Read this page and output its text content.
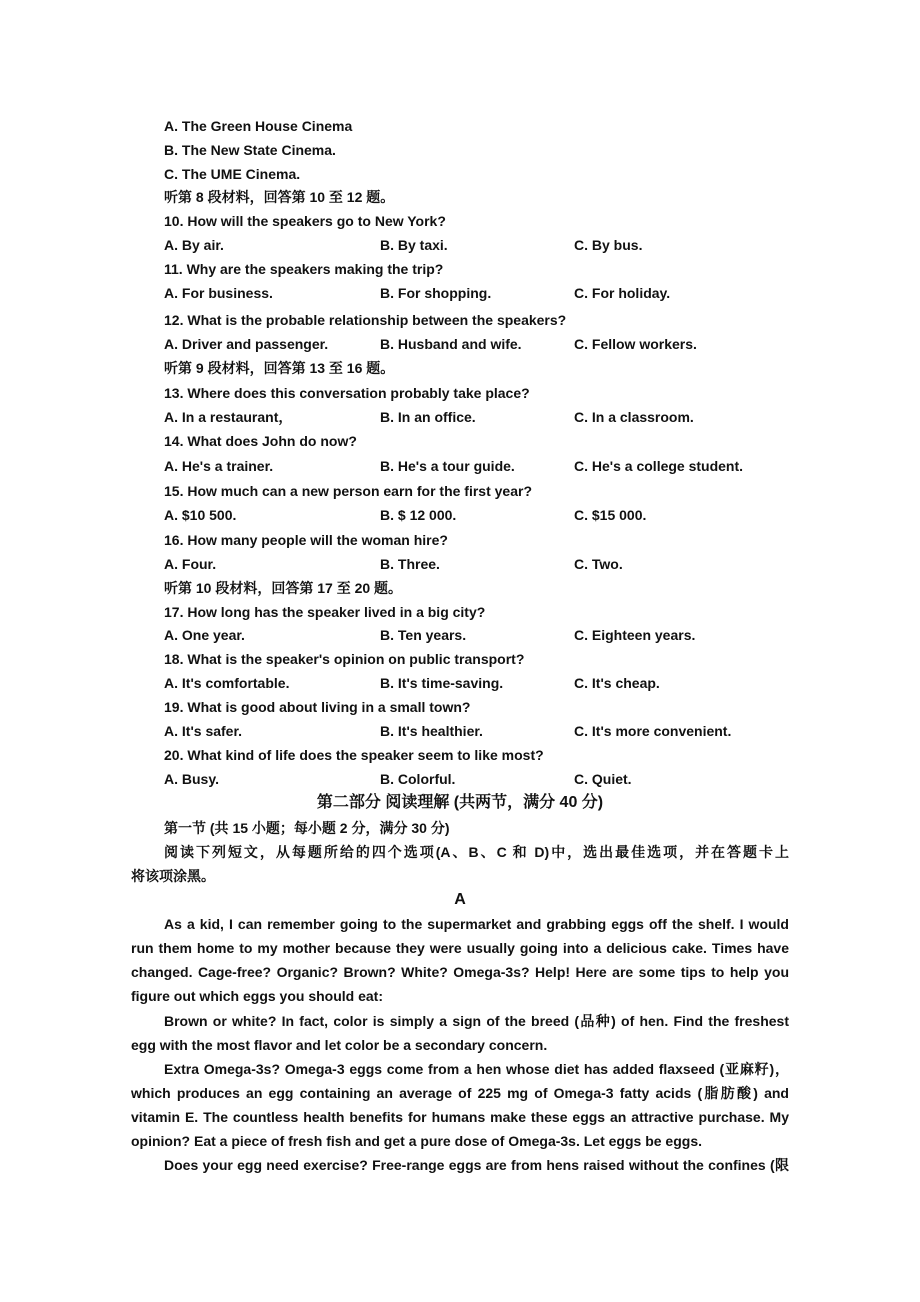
A. The Green House Cinema
B. The New State Cinema.
C. The UME Cinema.
听第 8 段材料，回答第 10 至 12 题。
10. How will the speakers go to New York?
A. By air.	B. By taxi.	C. By bus.
11. Why are the speakers making the trip?
A. For business.	B. For shopping.	C. For holiday.
12. What is the probable relationship between the speakers?
A. Driver and passenger.	B. Husband and wife.	C. Fellow workers.
听第 9 段材料，回答第 13 至 16 题。
13. Where does this conversation probably take place?
A. In a restaurant，	B. In an office.	C. In a classroom.
14. What does John do now?
A. He's a trainer.	B. He's a tour guide.	C. He's a college student.
15. How much can a new person earn for the first year?
A. $10 500.	B. $ 12 000.	C. $15 000.
16. How many people will the woman hire?
A. Four.	B. Three.	C. Two.
听第 10 段材料，回答第 17 至 20 题。
17. How long has the speaker lived in a big city?
A. One year.	B. Ten years.	C. Eighteen years.
18. What is the speaker's opinion on public transport?
A. It's comfortable.	B. It's time-saving.	C. It's cheap.
19. What is good about living in a small town?
A. It's safer.	B. It's healthier.	C. It's more convenient.
20. What kind of life does the speaker seem to like most?
A. Busy.	B. Colorful.	C. Quiet.
第二部分 阅读理解 (共两节，满分 40 分)
第一节 (共 15 小题；每小题 2 分，满分 30 分)
阅读下列短文，从每题所给的四个选项(A、B、C 和 D)中，选出最佳选项，并在答题卡上
将该项涂黑。
A
As a kid, I can remember going to the supermarket and grabbing eggs off the shelf. I would
run them home to my mother because they were usually going into a delicious cake. Times have
changed. Cage-free? Organic? Brown? White? Omega-3s? Help! Here are some tips to help you
figure out which eggs you should eat:
Brown or white? In fact, color is simply a sign of the breed (品种) of hen. Find the freshest
egg with the most flavor and let color be a secondary concern.
Extra Omega-3s? Omega-3 eggs come from a hen whose diet has added flaxseed (亚麻籽)，
which produces an egg containing an average of 225 mg of Omega-3 fatty acids (脂肪酸) and
vitamin E. The countless health benefits for humans make these eggs an attractive purchase. My
opinion? Eat a piece of fresh fish and get a pure dose of Omega-3s. Let eggs be eggs.
Does your egg need exercise? Free-range eggs are from hens raised without the confines (限
